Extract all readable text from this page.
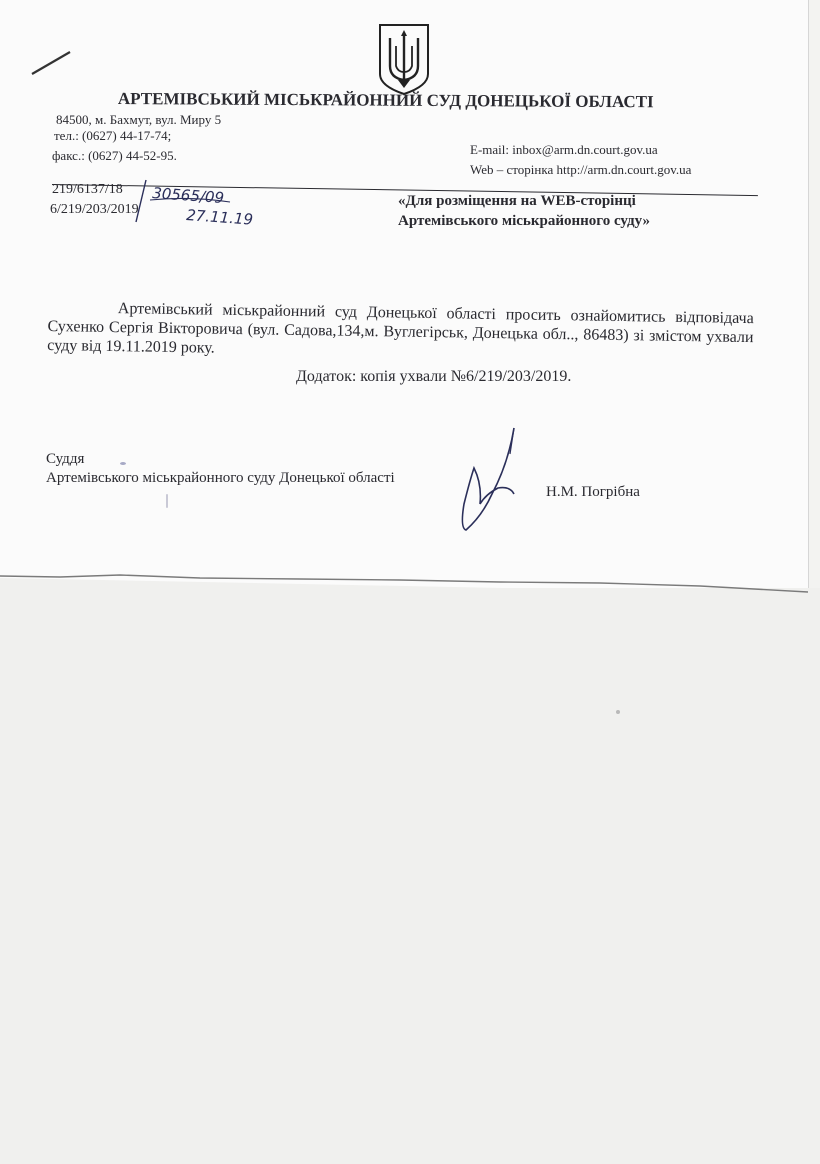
АРТЕМІВСЬКИЙ МІСЬКРАЙОННИЙ СУД ДОНЕЦЬКОЇ ОБЛАСТІ
84500, м. Бахмут, вул. Миру 5
тел.: (0627) 44-17-74;
факс.: (0627) 44-52-95.	E-mail: inbox@arm.dn.court.gov.ua
Web – сторінка http://arm.dn.court.gov.ua
219/6137/18
6/219/203/2019
30565/09
27.11.19
«Для розміщення на WEB-сторінці Артемівського міськрайонного суду»

Артемівський міськрайонний суд Донецької області просить ознайомитись відповідача Сухенко Сергія Вікторовича (вул. Садова,134,м. Вуглегірськ, Донецька обл.., 86483) зі змістом ухвали суду від 19.11.2019 року.

Додаток: копія ухвали №6/219/203/2019.
Суддя
Артемівського міськрайонного суду Донецької області
Н.М. Погрібна
